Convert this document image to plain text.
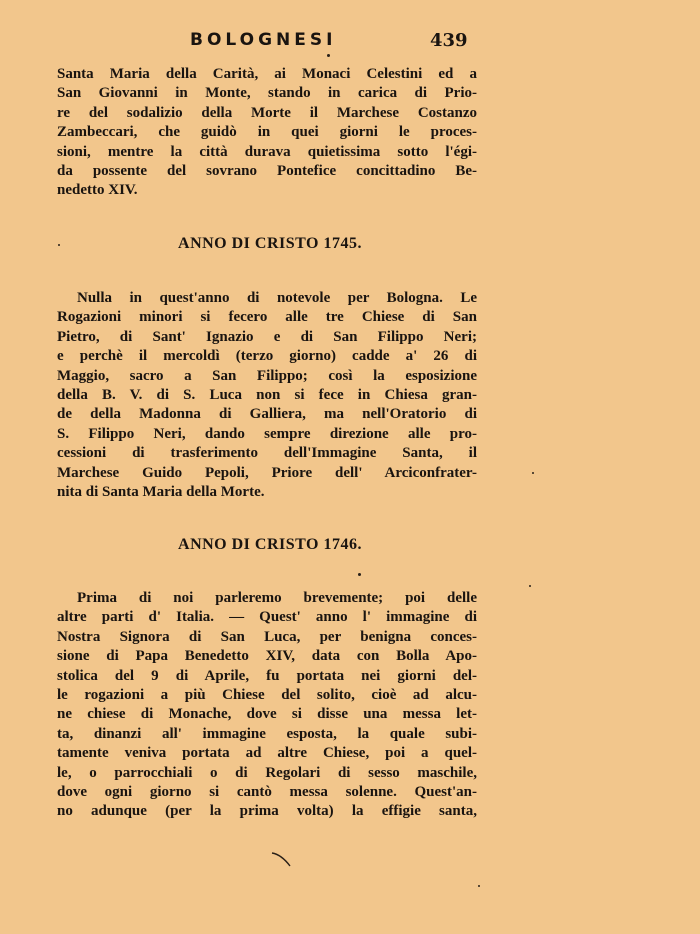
BOLOGNESI	439
Santa Maria della Carità, ai Monaci Celestini ed a
San Giovanni in Monte, stando in carica di Prio-
re del sodalizio della Morte il Marchese Costanzo
Zambeccari, che guidò in quei giorni le proces-
sioni, mentre la città durava quietissima sotto l'égi-
da possente del sovrano Pontefice concittadino Be-
nedetto XIV.
ANNO DI CRISTO 1745.
Nulla in quest'anno di notevole per Bologna. Le
Rogazioni minori si fecero alle tre Chiese di San
Pietro, di Sant' Ignazio e di San Filippo Neri;
e perchè il mercoldì (terzo giorno) cadde a' 26 di
Maggio, sacro a San Filippo; così la esposizione
della B. V. di S. Luca non si fece in Chiesa gran-
de della Madonna di Galliera, ma nell'Oratorio di
S. Filippo Neri, dando sempre direzione alle pro-
cessioni di trasferimento dell'Immagine Santa, il
Marchese Guido Pepoli, Priore dell' Arciconfrater-
nita di Santa Maria della Morte.
ANNO DI CRISTO 1746.
Prima di noi parleremo brevemente; poi delle
altre parti d' Italia. — Quest' anno l' immagine di
Nostra Signora di San Luca, per benigna conces-
sione di Papa Benedetto XIV, data con Bolla Apo-
stolica del 9 di Aprile, fu portata nei giorni del-
le rogazioni a più Chiese del solito, cioè ad alcu-
ne chiese di Monache, dove si disse una messa let-
ta, dinanzi all' immagine esposta, la quale subi-
tamente veniva portata ad altre Chiese, poi a quel-
le, o parrocchiali o di Regolari di sesso maschile,
dove ogni giorno si cantò messa solenne. Quest'an-
no adunque (per la prima volta) la effigie santa,
